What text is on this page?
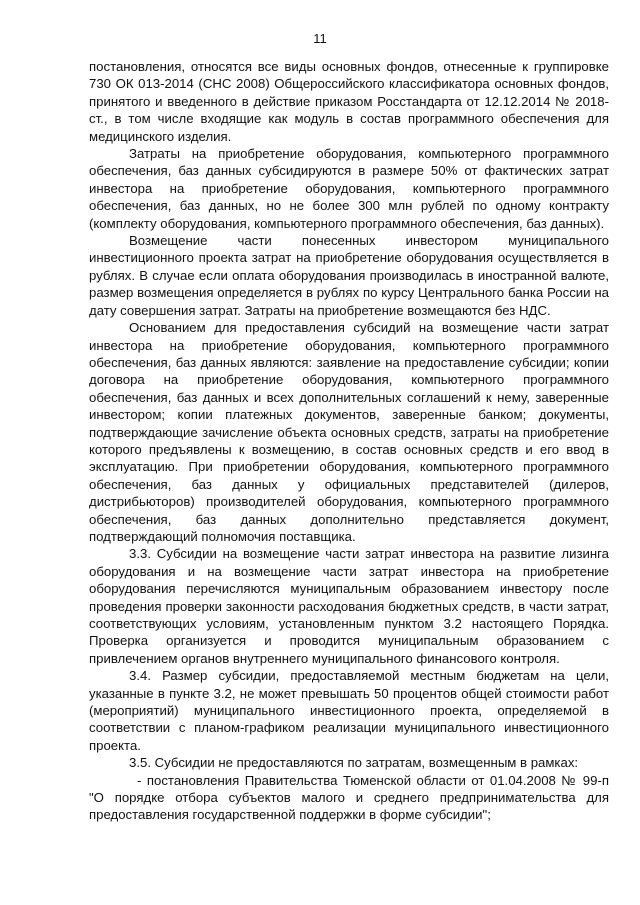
11

постановления, относятся все виды основных фондов, отнесенные к группировке 730 ОК 013-2014 (СНС 2008) Общероссийского классификатора основных фондов, принятого и введенного в действие приказом Росстандарта от 12.12.2014 № 2018-ст., в том числе входящие как модуль в состав программного обеспечения для медицинского изделия.

Затраты на приобретение оборудования, компьютерного программного обеспечения, баз данных субсидируются в размере 50% от фактических затрат инвестора на приобретение оборудования, компьютерного программного обеспечения, баз данных, но не более 300 млн рублей по одному контракту (комплекту оборудования, компьютерного программного обеспечения, баз данных).

Возмещение части понесенных инвестором муниципального инвестиционного проекта затрат на приобретение оборудования осуществляется в рублях. В случае если оплата оборудования производилась в иностранной валюте, размер возмещения определяется в рублях по курсу Центрального банка России на дату совершения затрат. Затраты на приобретение возмещаются без НДС.

Основанием для предоставления субсидий на возмещение части затрат инвестора на приобретение оборудования, компьютерного программного обеспечения, баз данных являются: заявление на предоставление субсидии; копии договора на приобретение оборудования, компьютерного программного обеспечения, баз данных и всех дополнительных соглашений к нему, заверенные инвестором; копии платежных документов, заверенные банком; документы, подтверждающие зачисление объекта основных средств, затраты на приобретение которого предъявлены к возмещению, в состав основных средств и его ввод в эксплуатацию. При приобретении оборудования, компьютерного программного обеспечения, баз данных у официальных представителей (дилеров, дистрибьюторов) производителей оборудования, компьютерного программного обеспечения, баз данных дополнительно представляется документ, подтверждающий полномочия поставщика.

3.3. Субсидии на возмещение части затрат инвестора на развитие лизинга оборудования и на возмещение части затрат инвестора на приобретение оборудования перечисляются муниципальным образованием инвестору после проведения проверки законности расходования бюджетных средств, в части затрат, соответствующих условиям, установленным пунктом 3.2 настоящего Порядка. Проверка организуется и проводится муниципальным образованием с привлечением органов внутреннего муниципального финансового контроля.

3.4. Размер субсидии, предоставляемой местным бюджетам на цели, указанные в пункте 3.2, не может превышать 50 процентов общей стоимости работ (мероприятий) муниципального инвестиционного проекта, определяемой в соответствии с планом-графиком реализации муниципального инвестиционного проекта.

3.5. Субсидии не предоставляются по затратам, возмещенным в рамках:

- постановления Правительства Тюменской области от 01.04.2008 № 99-п "О порядке отбора субъектов малого и среднего предпринимательства для предоставления государственной поддержки в форме субсидии";
